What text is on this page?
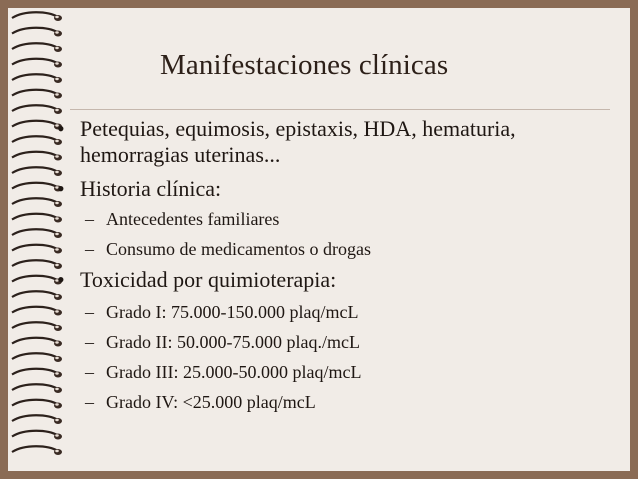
Manifestaciones clínicas
• Petequias, equimosis, epistaxis, HDA, hematuria, hemorragias uterinas...
• Historia clínica:
– Antecedentes familiares
– Consumo de medicamentos o drogas
• Toxicidad por quimioterapia:
– Grado I: 75.000-150.000 plaq/mcL
– Grado II: 50.000-75.000 plaq./mcL
– Grado III: 25.000-50.000 plaq/mcL
– Grado IV: <25.000 plaq/mcL
